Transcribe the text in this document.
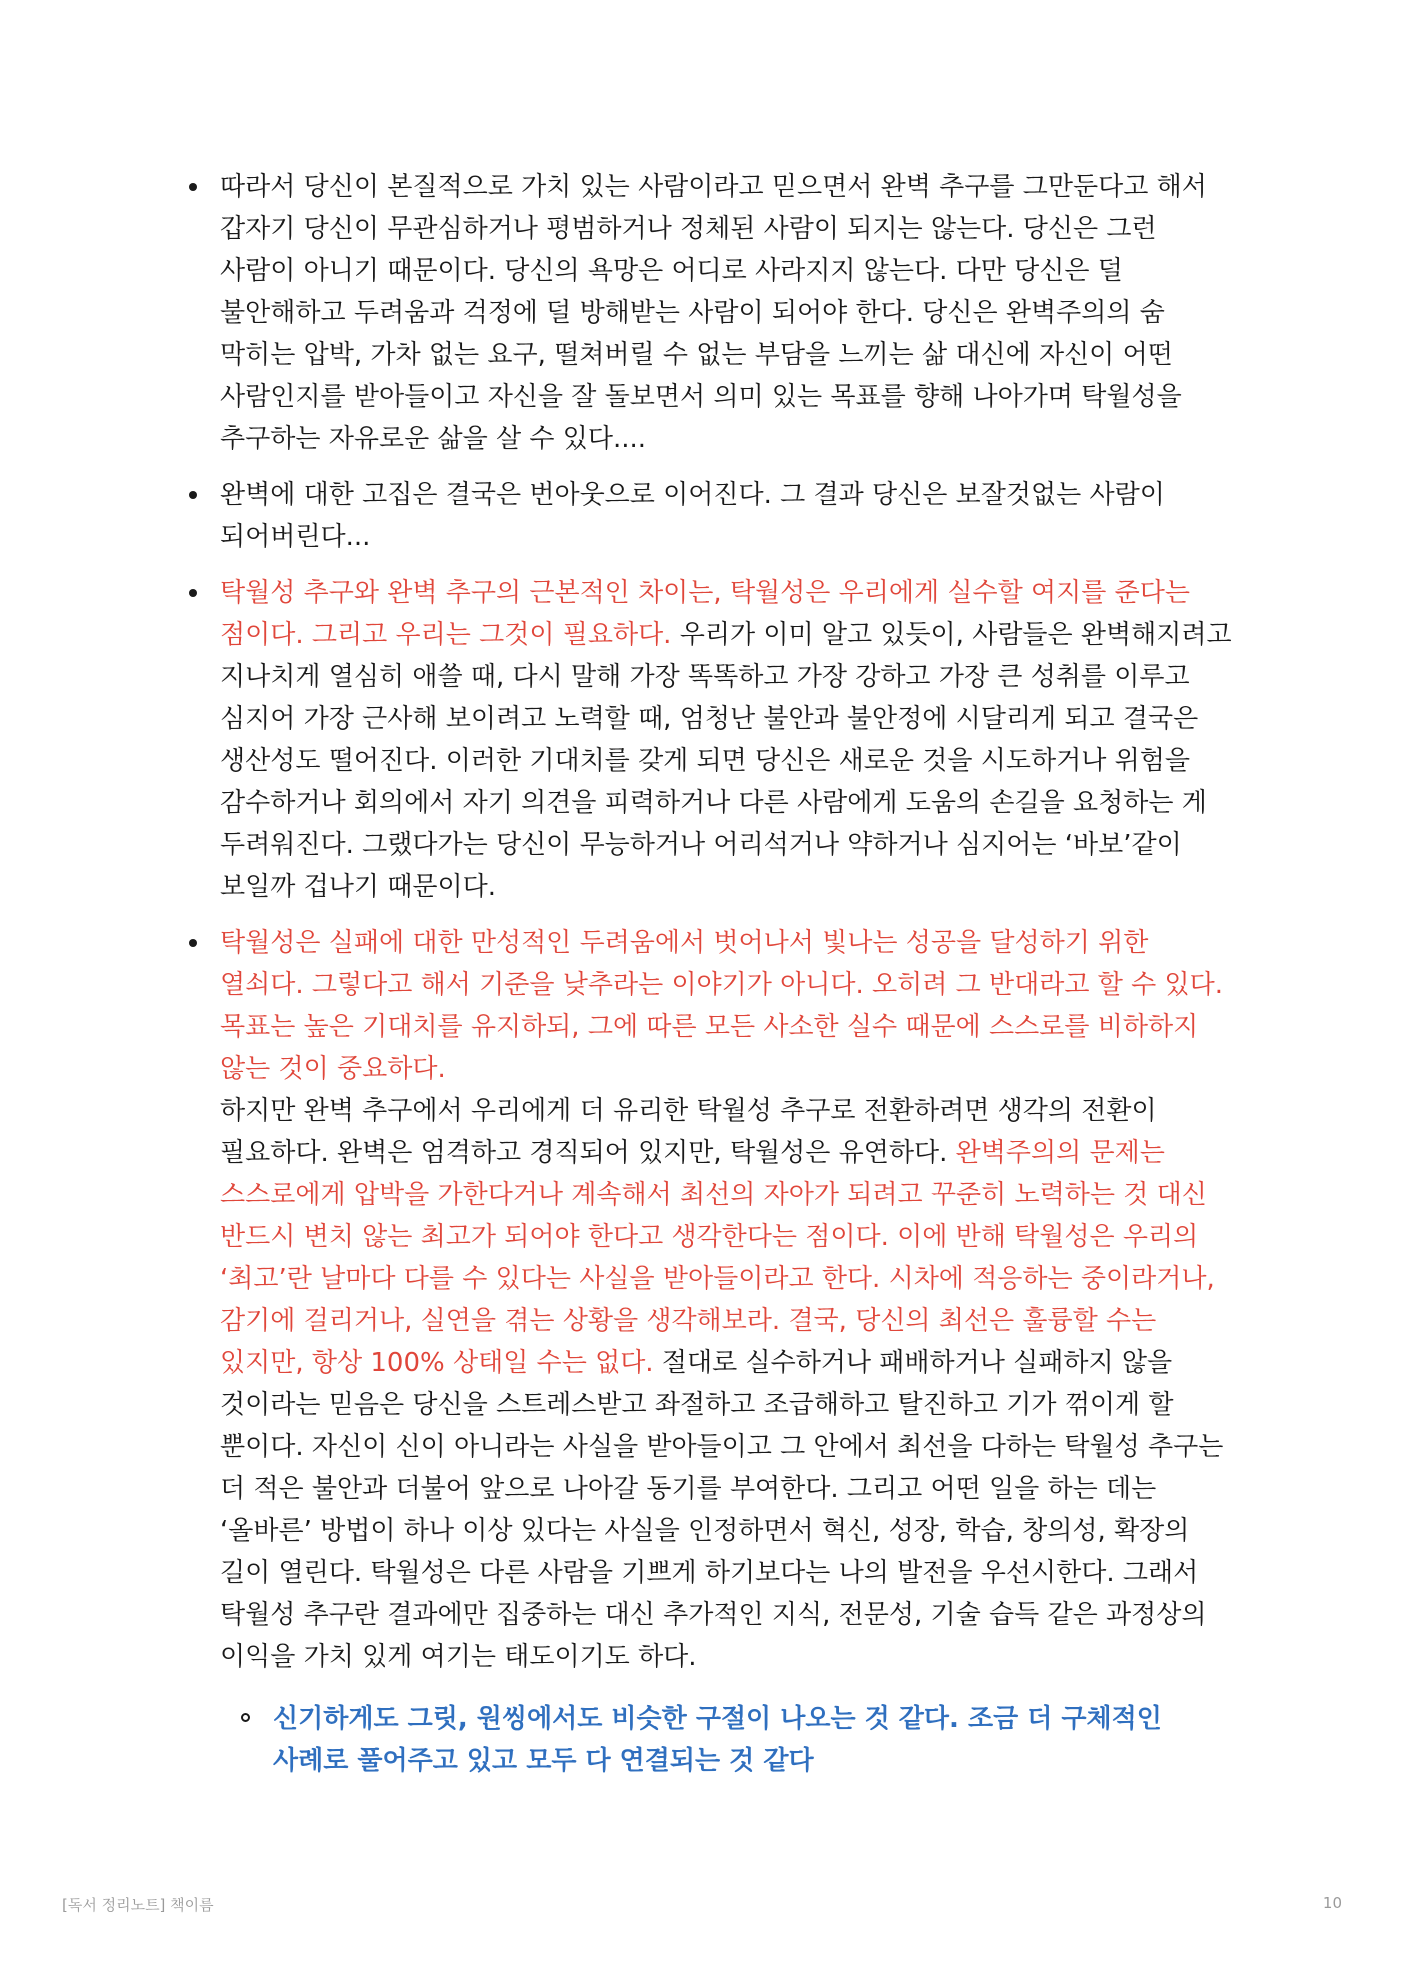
따라서 당신이 본질적으로 가치 있는 사람이라고 믿으면서 완벽 추구를 그만둔다고 해서 갑자기 당신이 무관심하거나 평범하거나 정체된 사람이 되지는 않는다. 당신은 그런 사람이 아니기 때문이다. 당신의 욕망은 어디로 사라지지 않는다. 다만 당신은 덜 불안해하고 두려움과 걱정에 덜 방해받는 사람이 되어야 한다. 당신은 완벽주의의 숨 막히는 압박, 가차 없는 요구, 떨쳐버릴 수 없는 부담을 느끼는 삶 대신에 자신이 어떤 사람인지를 받아들이고 자신을 잘 돌보면서 의미 있는 목표를 향해 나아가며 탁월성을 추구하는 자유로운 삶을 살 수 있다....
완벽에 대한 고집은 결국은 번아웃으로 이어진다. 그 결과 당신은 보잘것없는 사람이 되어버린다...
탁월성 추구와 완벽 추구의 근본적인 차이는, 탁월성은 우리에게 실수할 여지를 준다는 점이다. 그리고 우리는 그것이 필요하다. 우리가 이미 알고 있듯이, 사람들은 완벽해지려고 지나치게 열심히 애쓸 때, 다시 말해 가장 똑똑하고 가장 강하고 가장 큰 성취를 이루고 심지어 가장 근사해 보이려고 노력할 때, 엄청난 불안과 불안정에 시달리게 되고 결국은 생산성도 떨어진다. 이러한 기대치를 갖게 되면 당신은 새로운 것을 시도하거나 위험을 감수하거나 회의에서 자기 의견을 피력하거나 다른 사람에게 도움의 손길을 요청하는 게 두려워진다. 그랬다가는 당신이 무능하거나 어리석거나 약하거나 심지어는 ‘바보’같이 보일까 겁나기 때문이다.
탁월성은 실패에 대한 만성적인 두려움에서 벗어나서 빛나는 성공을 달성하기 위한 열쇠다. 그렇다고 해서 기준을 낮추라는 이야기가 아니다. 오히려 그 반대라고 할 수 있다. 목표는 높은 기대치를 유지하되, 그에 따른 모든 사소한 실수 때문에 스스로를 비하하지 않는 것이 중요하다.
하지만 완벽 추구에서 우리에게 더 유리한 탁월성 추구로 전환하려면 생각의 전환이 필요하다. 완벽은 엄격하고 경직되어 있지만, 탁월성은 유연하다. 완벽주의의 문제는 스스로에게 압박을 가한다거나 계속해서 최선의 자아가 되려고 꾸준히 노력하는 것 대신 반드시 변치 않는 최고가 되어야 한다고 생각한다는 점이다. 이에 반해 탁월성은 우리의 ‘최고’란 날마다 다를 수 있다는 사실을 받아들이라고 한다. 시차에 적응하는 중이라거나, 감기에 걸리거나, 실연을 겪는 상황을 생각해보라. 결국, 당신의 최선은 훌륭할 수는 있지만, 항상 100% 상태일 수는 없다. 절대로 실수하거나 패배하거나 실패하지 않을 것이라는 믿음은 당신을 스트레스받고 좌절하고 조급해하고 탈진하고 기가 꺾이게 할 뿐이다. 자신이 신이 아니라는 사실을 받아들이고 그 안에서 최선을 다하는 탁월성 추구는 더 적은 불안과 더불어 앞으로 나아갈 동기를 부여한다. 그리고 어떤 일을 하는 데는 ‘올바른’ 방법이 하나 이상 있다는 사실을 인정하면서 혁신, 성장, 학습, 창의성, 확장의 길이 열린다. 탁월성은 다른 사람을 기쁘게 하기보다는 나의 발전을 우선시한다. 그래서 탁월성 추구란 결과에만 집중하는 대신 추가적인 지식, 전문성, 기술 습득 같은 과정상의 이익을 가치 있게 여기는 태도이기도 하다.
신기하게도 그릿, 원씽에서도 비슷한 구절이 나오는 것 같다. 조금 더 구체적인 사례로 풀어주고 있고 모두 다 연결되는 것 같다
[독서 정리노트] 책이름	10
